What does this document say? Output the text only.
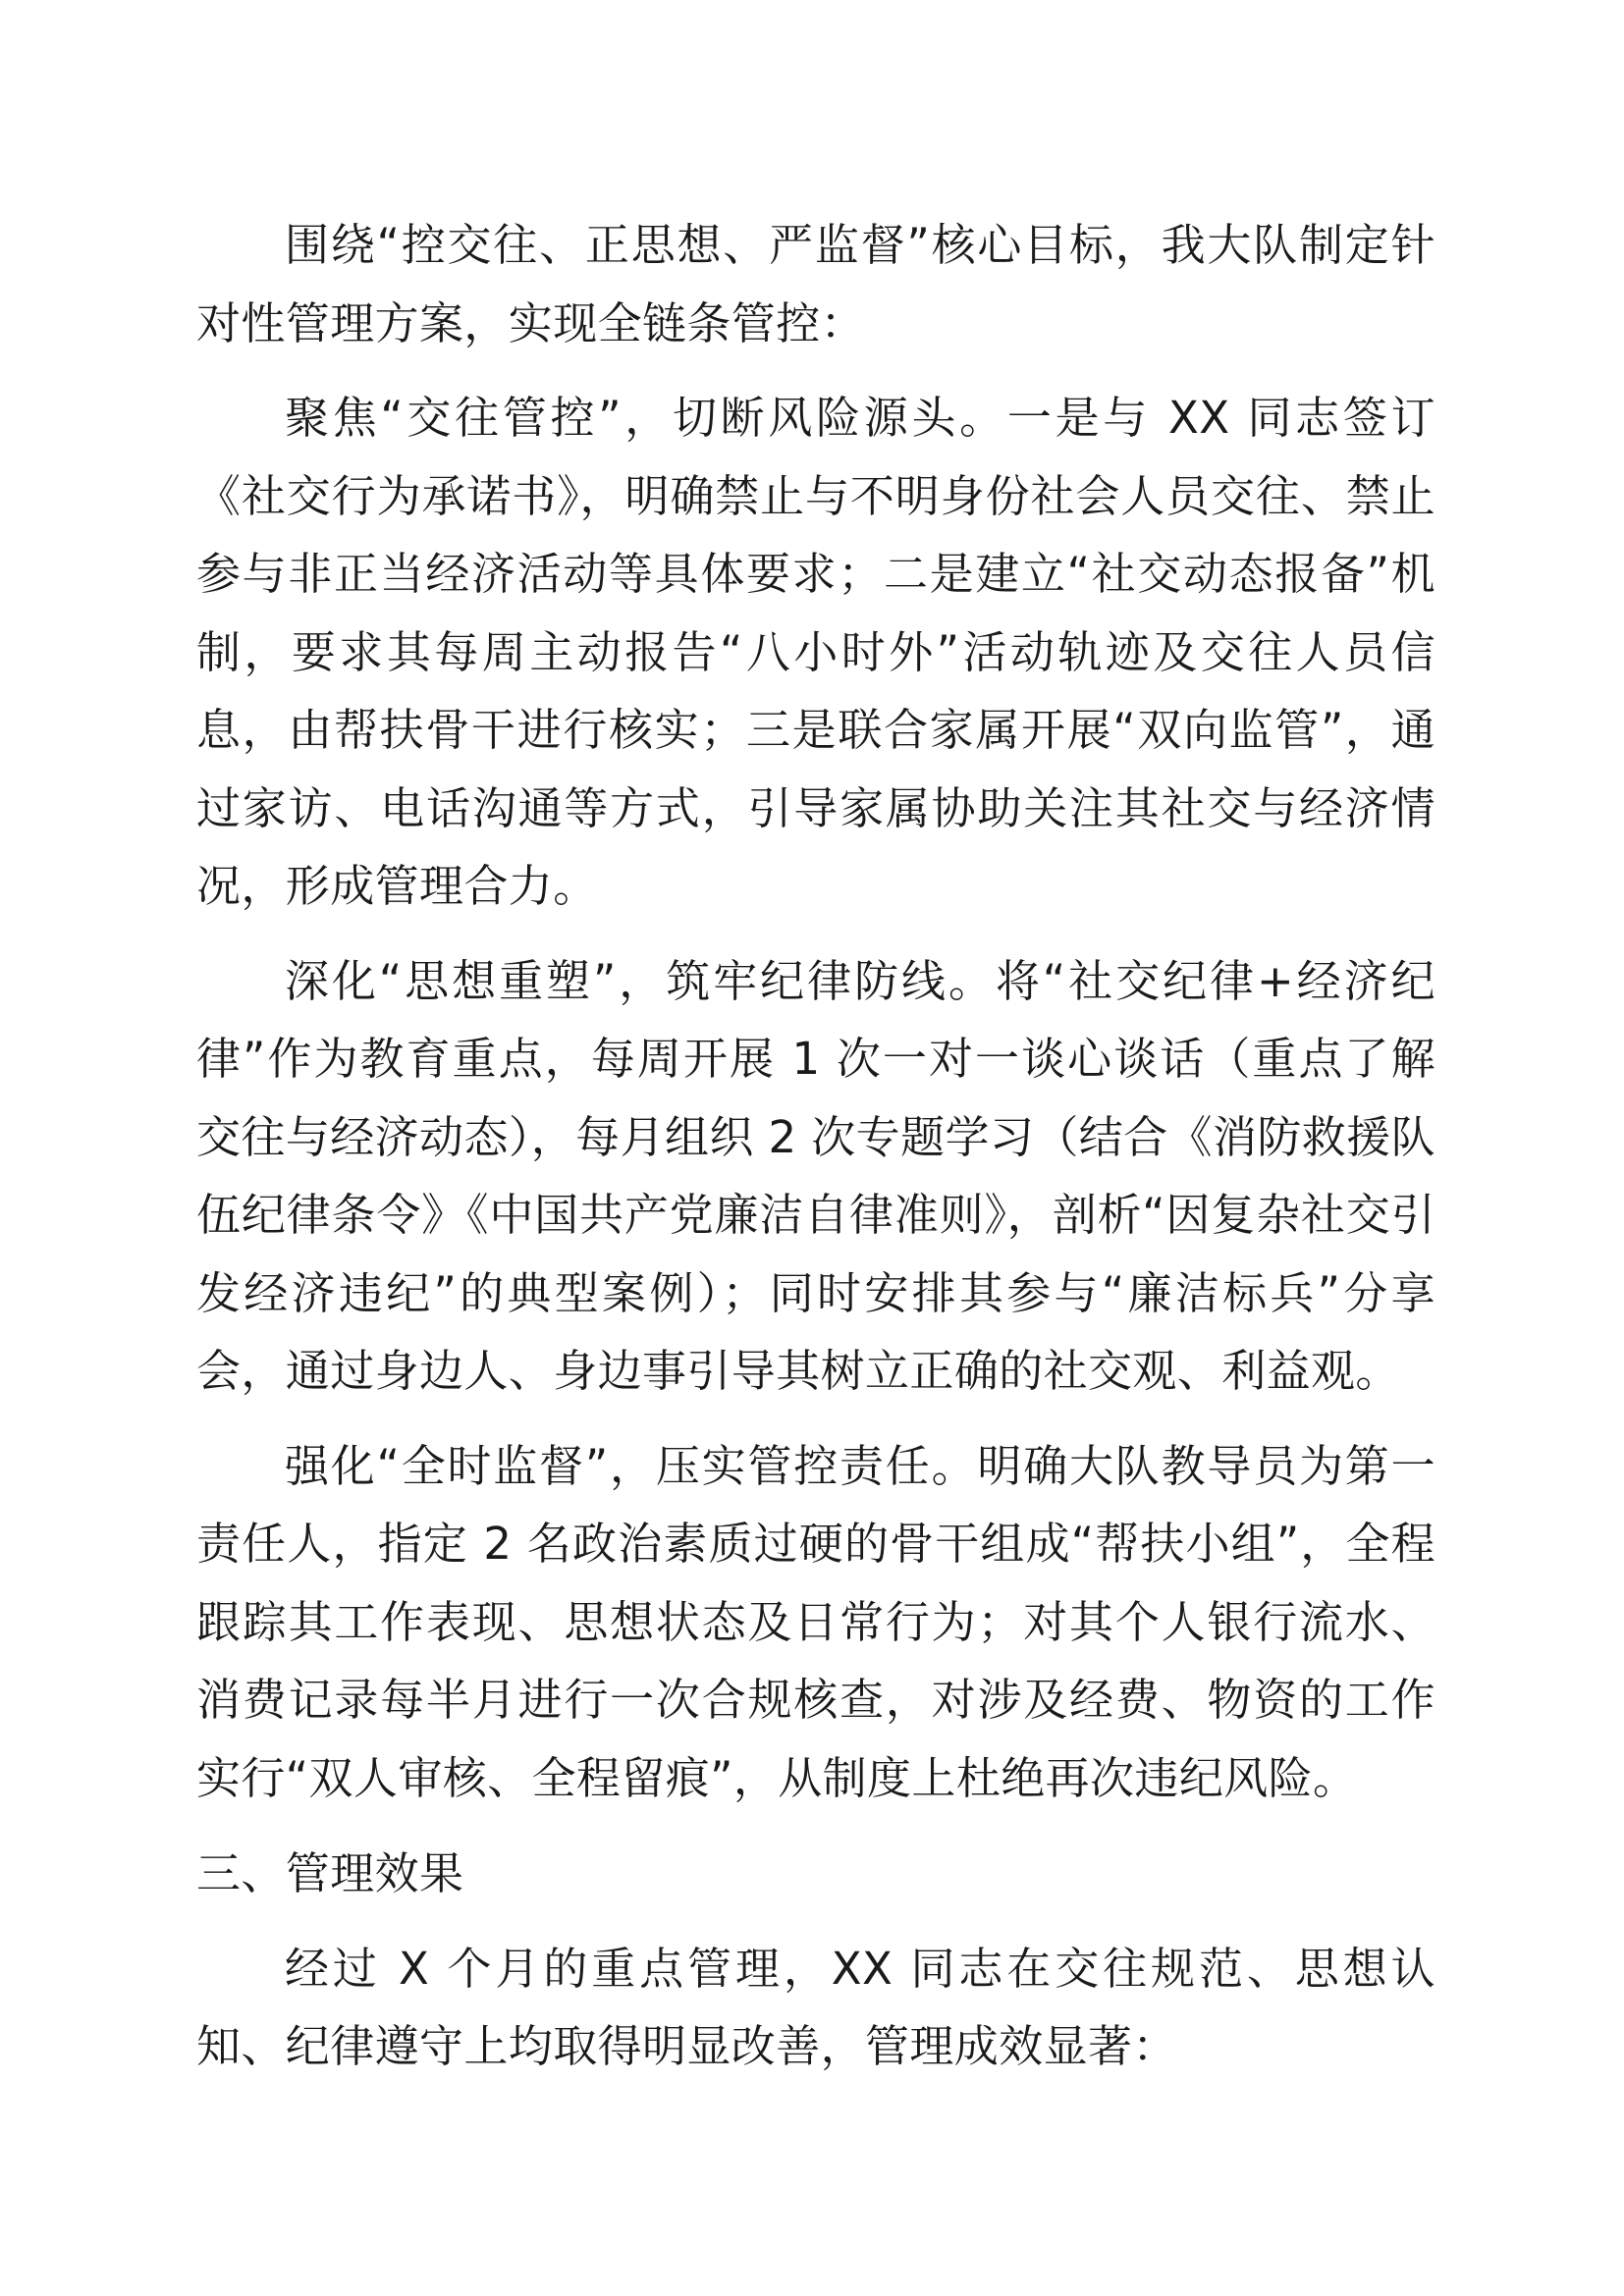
围绕“控交往、正思想、严监督”核心目标，我大队制定针对性管理方案，实现全链条管控：

聚焦“交往管控”，切断风险源头。一是与 XX 同志签订《社交行为承诺书》，明确禁止与不明身份社会人员交往、禁止参与非正当经济活动等具体要求；二是建立“社交动态报备”机制，要求其每周主动报告“八小时外”活动轨迹及交往人员信息，由帮扶骨干进行核实；三是联合家属开展“双向监管”，通过家访、电话沟通等方式，引导家属协助关注其社交与经济情况，形成管理合力。

深化“思想重塑”，筑牢纪律防线。将“社交纪律+经济纪律”作为教育重点，每周开展 1 次一对一谈心谈话（重点了解交往与经济动态），每月组织 2 次专题学习（结合《消防救援队伍纪律条令》《中国共产党廉洁自律准则》，剖析“因复杂社交引发经济违纪”的典型案例）；同时安排其参与“廉洁标兵”分享会，通过身边人、身边事引导其树立正确的社交观、利益观。

强化“全时监督”，压实管控责任。明确大队教导员为第一责任人，指定 2 名政治素质过硬的骨干组成“帮扶小组”，全程跟踪其工作表现、思想状态及日常行为；对其个人银行流水、消费记录每半月进行一次合规核查，对涉及经费、物资的工作实行“双人审核、全程留痕”，从制度上杜绝再次违纪风险。

三、管理效果

经过 X 个月的重点管理，XX 同志在交往规范、思想认知、纪律遵守上均取得明显改善，管理成效显著：
